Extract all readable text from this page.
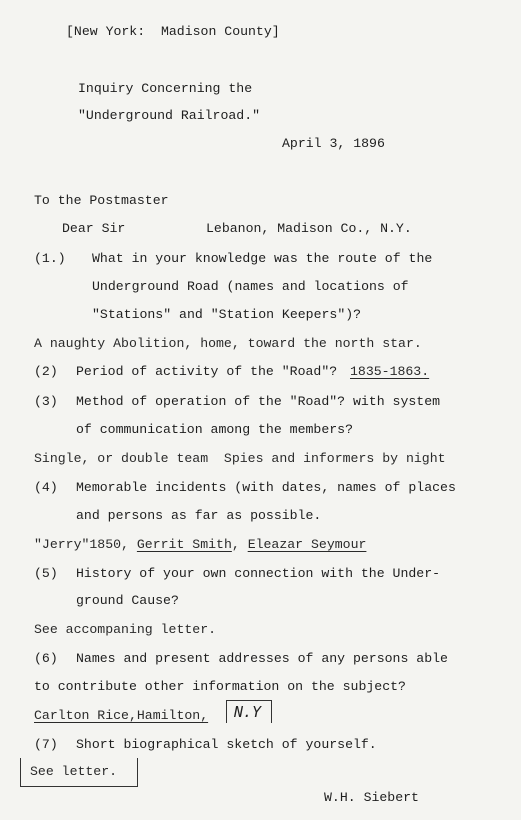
[New York:  Madison County]
Inquiry Concerning the
"Underground Railroad."
April 3, 1896
To the Postmaster
Dear Sir	Lebanon, Madison Co., N.Y.
(1.) What in your knowledge was the route of the
Underground Road (names and locations of
"Stations" and "Station Keepers")?
A naughty Abolition, home, toward the north star.
(2) Period of activity of the "Road"? 1835-1863.
(3) Method of operation of the "Road"? with system
of communication among the members?
Single, or double team  Spies and informers by night
(4) Memorable incidents (with dates, names of places
and persons as far as possible.
"Jerry"1850, Gerrit Smith, Eleazar Seymour
(5) History of your own connection with the Under-
ground Cause?
See accompaning letter.
(6) Names and present addresses of any persons able
to contribute other information on the subject?
Carlton Rice,Hamilton, N.Y
(7) Short biographical sketch of yourself.
See letter.
W.H. Siebert
